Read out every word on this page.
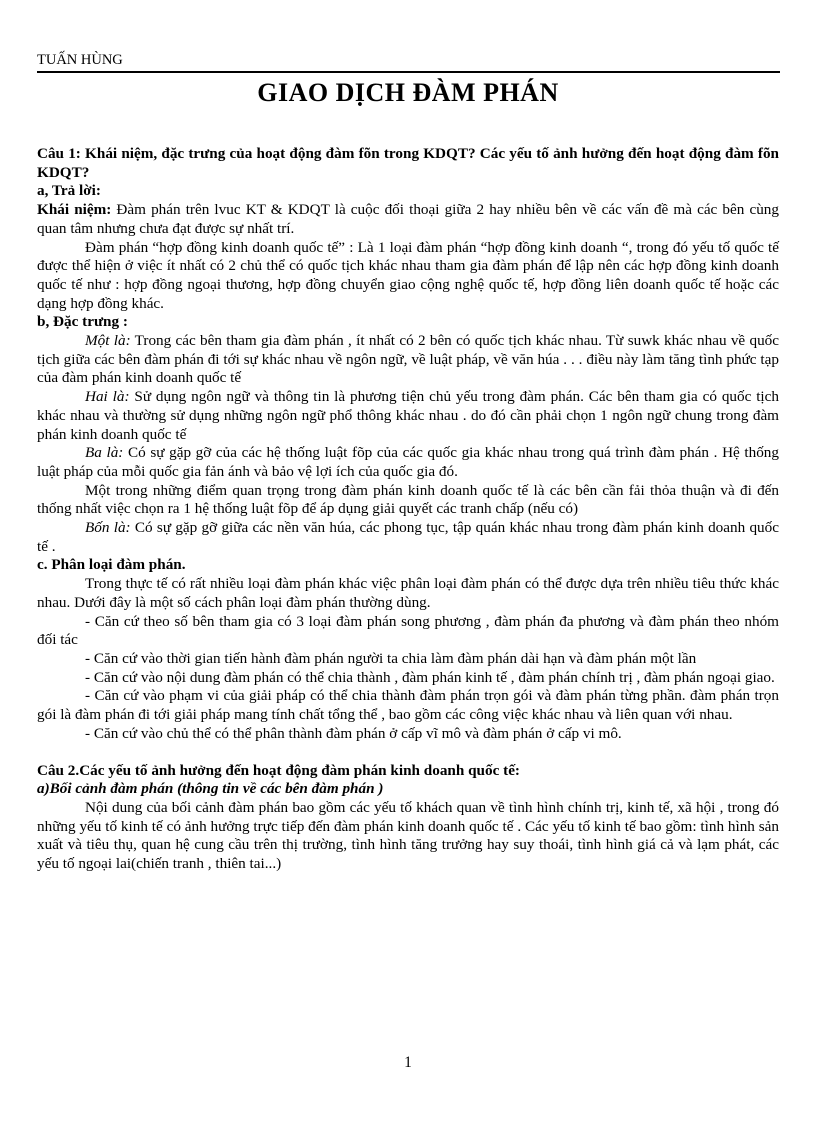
TUẤN HÙNG
GIAO DỊCH ĐÀM PHÁN

Câu 1: Khái niệm, đặc trưng của hoạt động đàm fõn trong KDQT? Các yếu tố ảnh hưởng đến hoạt động đàm fõn KDQT?

a, Trả lời:

Khái niệm: Đàm phán trên lvuc KT & KDQT là cuộc đối thoại giữa 2 hay nhiều bên về các vấn đề mà các bên cùng quan tâm nhưng chưa đạt được sự nhất trí.

Đàm phán “hợp đồng kinh doanh quốc tế” : Là 1 loại đàm phán “hợp đồng kinh doanh “, trong đó yếu tố quốc tế được thể hiện ở việc ít nhất có 2 chủ thể có quốc tịch khác nhau tham gia đàm phán để lập nên các hợp đồng kinh doanh quốc tế như : hợp đồng ngoại thương, hợp đồng chuyển giao cộng nghệ quốc tế, hợp đồng liên doanh quốc tế hoặc các dạng hợp đồng khác.

b, Đặc trưng :

Một là: Trong các bên tham gia đàm phán , ít nhất có 2 bên có quốc tịch khác nhau. Từ suwk khác nhau về quốc tịch giữa các bên đàm phán đi tới sự khác nhau về ngôn ngữ, về luật pháp, về văn húa . . . điều này làm tăng tình phức tạp của đàm phán kinh doanh quốc tế

Hai là: Sử dụng ngôn ngữ và thông tin là phương tiện chủ yếu trong đàm phán. Các bên tham gia có quốc tịch khác nhau và thường sử dụng những ngôn ngữ phổ thông khác nhau . do đó cần phải chọn 1 ngôn ngữ chung trong đàm phán kinh doanh quốc tế

Ba là: Có sự gặp gỡ của các hệ thống luật fõp của các quốc gia khác nhau trong quá trình đàm phán . Hệ thống luật pháp của mỗi quốc gia fản ánh và bảo vệ lợi ích của quốc gia đó.

Một trong những điểm quan trọng trong đàm phán kinh doanh quốc tế là các bên cần fải thỏa thuận và đi đến thống nhất việc chọn ra 1 hệ thống luật fõp để áp dụng giải quyết các tranh chấp (nếu có)

Bốn là: Có sự gặp gỡ giữa các nền văn húa, các phong tục, tập quán khác nhau trong đàm phán kinh doanh quốc tế .

c. Phân loại đàm phán.

Trong thực tế có rất nhiều loại đàm phán khác việc phân loại đàm phán có thể được dựa trên nhiều tiêu thức khác nhau. Dưới đây là một số cách phân loại đàm phán thường dùng.

- Căn cứ theo số bên tham gia có 3 loại đàm phán song phương , đàm phán đa phương và đàm phán theo nhóm đối tác

- Căn cứ vào thời gian tiến hành đàm phán người ta chia làm đàm phán dài hạn và đàm phán một lần

- Căn cứ vào nội dung đàm phán có thể chia thành , đàm phán kinh tế , đàm phán chính trị , đàm phán ngoại giao.

- Căn cứ vào phạm vi của giải pháp có thể chia thành đàm phán trọn gói và đàm phán từng phần. đàm phán trọn gói là đàm phán đi tới giải pháp mang tính chất tổng thể , bao gồm các công việc khác nhau và liên quan với nhau.

- Căn cứ vào chủ thể có thể phân thành đàm phán ở cấp vĩ mô và đàm phán ở cấp vi mô.

Câu 2.Các yếu tố ảnh hưởng đến hoạt động đàm phán kinh doanh quốc tế:

a)Bối cảnh đàm phán (thông tin về các bên đàm phán )

Nội dung của bối cảnh đàm phán bao gồm các yếu tố khách quan về tình hình chính trị, kinh tế, xã hội , trong đó những yếu tố kinh tế có ảnh hưởng trực tiếp đến đàm phán kinh doanh quốc tế . Các yếu tố kinh tế bao gồm: tình hình sản xuất và tiêu thụ, quan hệ cung cầu trên thị trường, tình hình tăng trưởng hay suy thoái, tình hình giá cả và lạm phát, các yếu tố ngoại lai(chiến tranh , thiên tai...)

1
